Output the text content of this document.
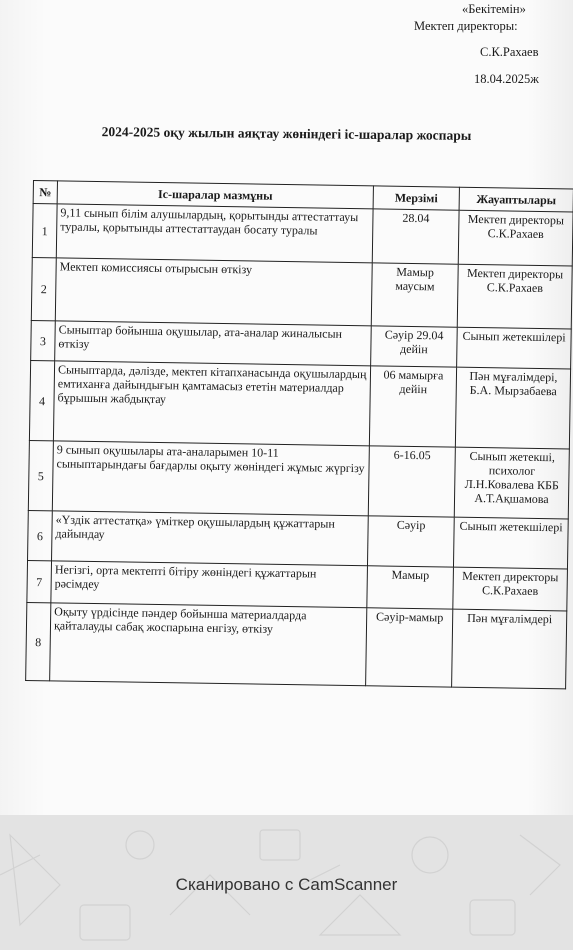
«Бекітемін»
Мектеп директоры:
С.К.Рахаев
18.04.2025ж
2024-2025 оқу жылын аяқтау жөніндегі іс-шаралар жоспары
№	Іс-шаралар мазмұны	Мерзімі	Жауаптылары
1	9,11 сынып білім алушылардың, қорытынды аттестаттауы туралы, қорытынды аттестаттаудан босату туралы	28.04	Мектеп директоры С.К.Рахаев
2	Мектеп комиссиясы отырысын өткізу	Мамыр маусым	Мектеп директоры С.К.Рахаев
3	Сыныптар бойынша оқушылар, ата-аналар жиналысын өткізу	Сәуір 29.04 дейін	Сынып жетекшілері
4	Сыныптарда, дәлізде, мектеп кітапханасында оқушылардың емтиханға дайындығын қамтамасыз ететін материалдар бұрышын жабдықтау	06 мамырға дейін	Пән мұғалімдері, Б.А. Мырзабаева
5	9 сынып оқушылары ата-аналарымен 10-11 сыныптарындағы бағдарлы оқыту жөніндегі жұмыс жүргізу	6-16.05	Сынып жетекші, психолог Л.Н.Ковалева КББ А.Т.Ақшамова
6	«Үздік аттестатқа» үміткер оқушылардың құжаттарын дайындау	Сәуір	Сынып жетекшілері
7	Негізгі, орта мектепті бітіру жөніндегі құжаттарын рәсімдеу	Мамыр	Мектеп директоры С.К.Рахаев
8	Оқыту үрдісінде пәндер бойынша материалдарда қайталауды сабақ жоспарына енгізу, өткізу	Сәуір-мамыр	Пән мұғалімдері
Сканировано с CamScanner
